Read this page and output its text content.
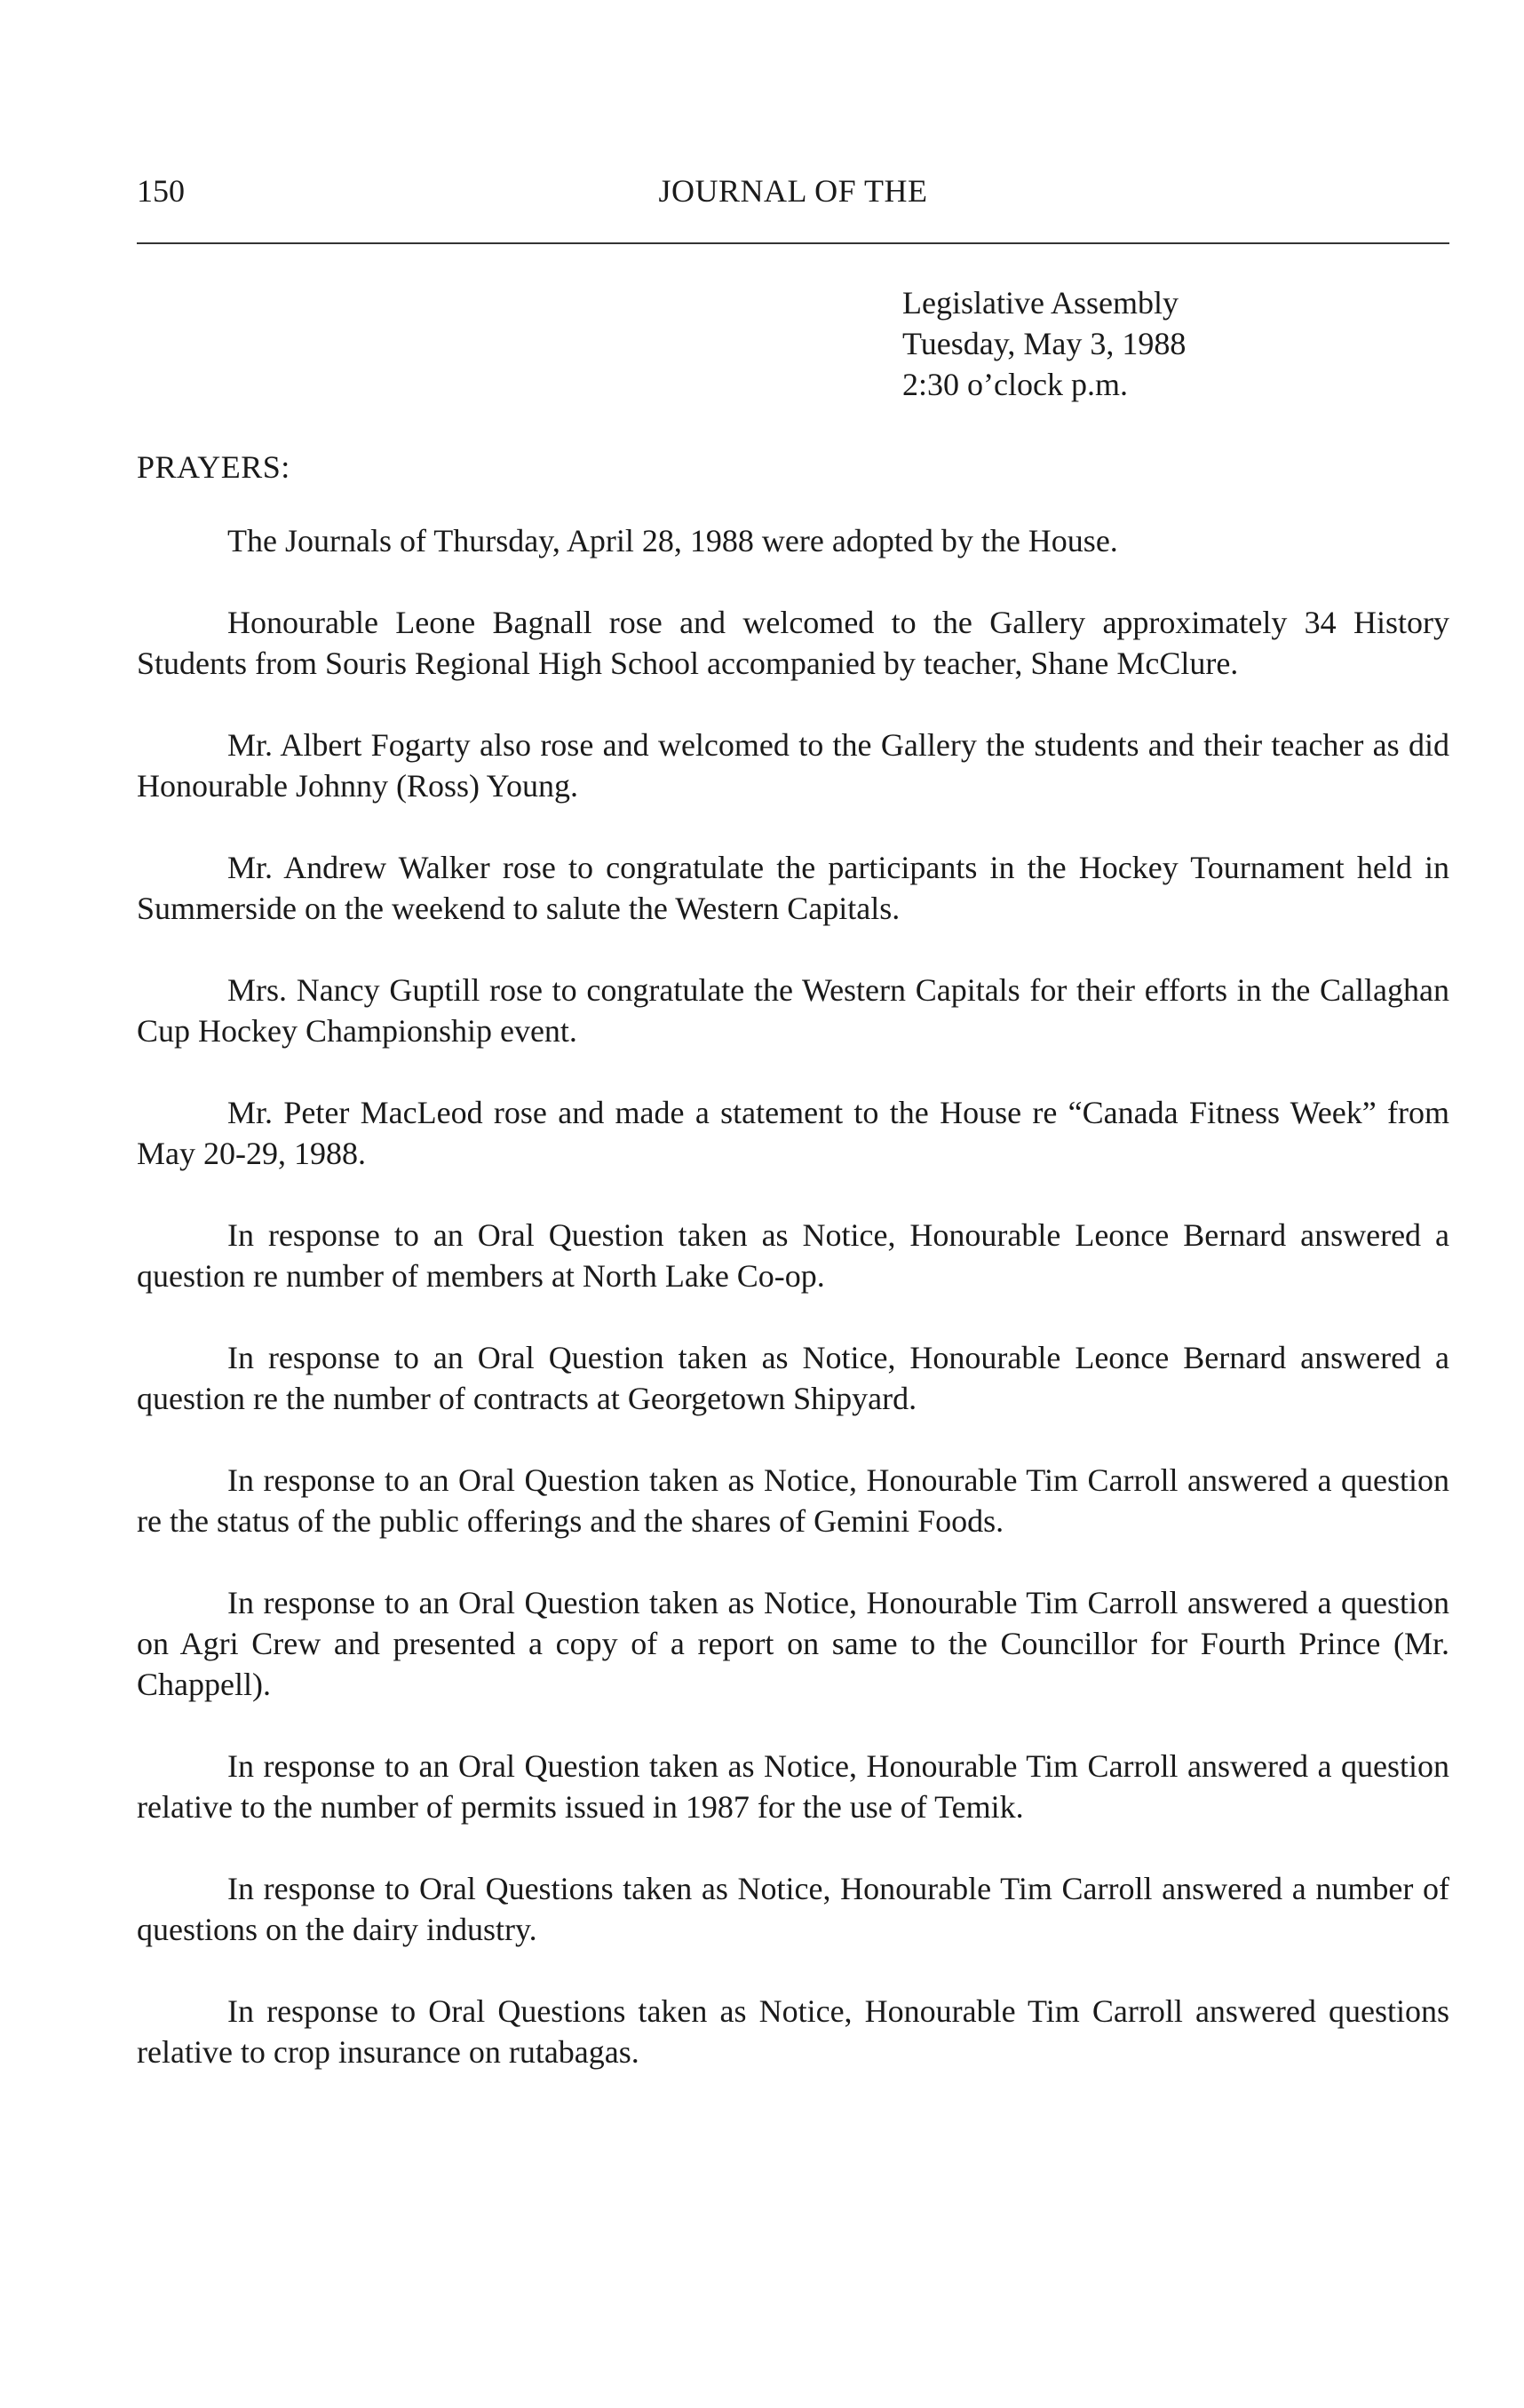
150	JOURNAL OF THE
Legislative Assembly
Tuesday, May 3, 1988
2:30 o’clock p.m.
PRAYERS:

The Journals of Thursday, April 28, 1988 were adopted by the House.

Honourable Leone Bagnall rose and welcomed to the Gallery approximately 34 History Students from Souris Regional High School accompanied by teacher, Shane McClure.

Mr. Albert Fogarty also rose and welcomed to the Gallery the students and their teacher as did Honourable Johnny (Ross) Young.

Mr. Andrew Walker rose to congratulate the participants in the Hockey Tournament held in Summerside on the weekend to salute the Western Capitals.

Mrs. Nancy Guptill rose to congratulate the Western Capitals for their efforts in the Callaghan Cup Hockey Championship event.

Mr. Peter MacLeod rose and made a statement to the House re “Canada Fitness Week” from May 20-29, 1988.

In response to an Oral Question taken as Notice, Honourable Leonce Bernard answered a question re number of members at North Lake Co-op.

In response to an Oral Question taken as Notice, Honourable Leonce Bernard answered a question re the number of contracts at Georgetown Shipyard.

In response to an Oral Question taken as Notice, Honourable Tim Carroll answered a question re the status of the public offerings and the shares of Gemini Foods.

In response to an Oral Question taken as Notice, Honourable Tim Carroll answered a question on Agri Crew and presented a copy of a report on same to the Councillor for Fourth Prince (Mr. Chappell).

In response to an Oral Question taken as Notice, Honourable Tim Carroll answered a question relative to the number of permits issued in 1987 for the use of Temik.

In response to Oral Questions taken as Notice, Honourable Tim Carroll answered a number of questions on the dairy industry.

In response to Oral Questions taken as Notice, Honourable Tim Carroll answered questions relative to crop insurance on rutabagas.
